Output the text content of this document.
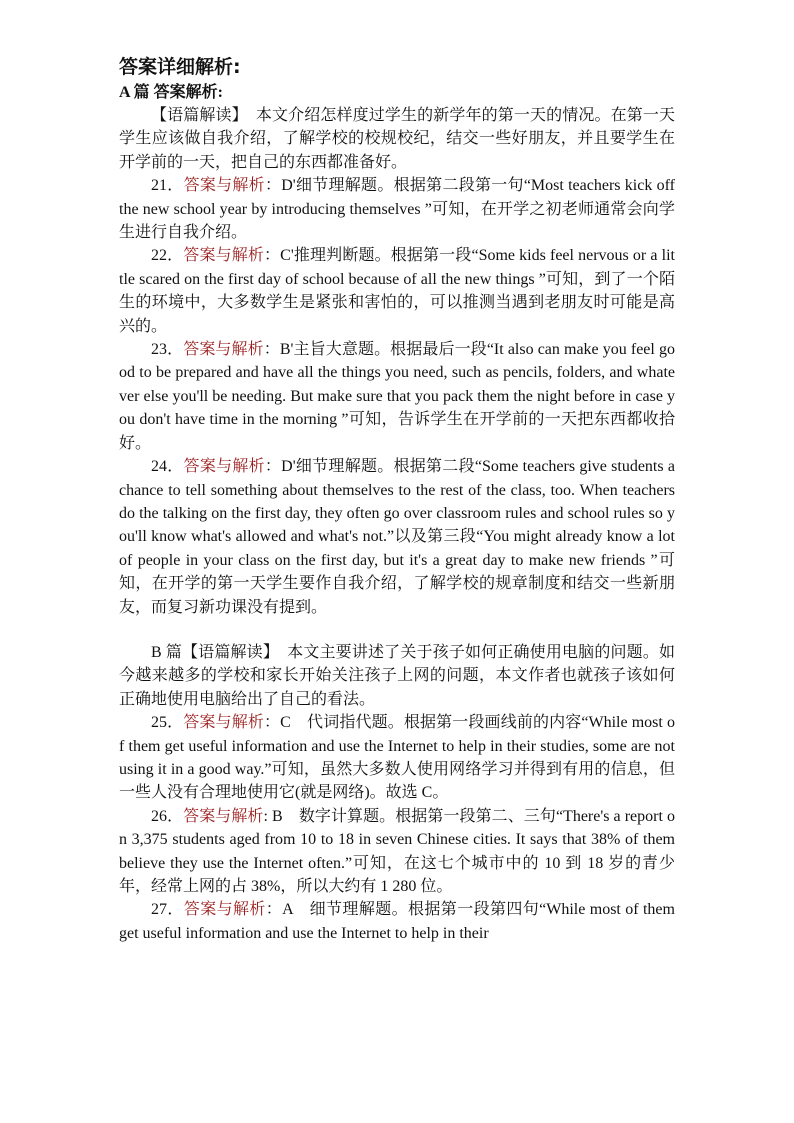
答案详细解析:

A 篇 答案解析:

【语篇解读】　本文介绍怎样度过学生的新学年的第一天的情况。在第一天学生应该做自我介绍，了解学校的校规校纪，结交一些好朋友，并且要学生在开学前的一天，把自己的东西都准备好。

21．答案与解析：D'细节理解题。根据第二段第一句“Most teachers kick off the new school year by introducing themselves ”可知，在开学之初老师通常会向学生进行自我介绍。

22．答案与解析：C'推理判断题。根据第一段“Some kids feel nervous or a little scared on the first day of school because of all the new things ”可知，到了一个陌生的环境中，大多数学生是紧张和害怕的，可以推测当遇到老朋友时可能是高兴的。

23．答案与解析：B'主旨大意题。根据最后一段“It also can make you feel good to be prepared and have all the things you need, such as pencils, folders, and whatever else you'll be needing. But make sure that you pack them the night before in case you don't have time in the morning ”可知，告诉学生在开学前的一天把东西都收拾好。

24．答案与解析：D'细节理解题。根据第二段“Some teachers give students a　chance to tell something about themselves to the rest of the class, too. When teachers do the talking on the first day, they often go over classroom rules and school rules so you'll know what's allowed and what's not.”以及第三段“You might already know a lot of people in your class on the first day, but it's a great day to make new friends ”可知，在开学的第一天学生要作自我介绍，了解学校的规章制度和结交一些新朋友，而复习新功课没有提到。

B 篇【语篇解读】　本文主要讲述了关于孩子如何正确使用电脑的问题。如今越来越多的学校和家长开始关注孩子上网的问题，本文作者也就孩子该如何正确地使用电脑给出了自己的看法。

25．答案与解析：C　代词指代题。根据第一段画线前的内容“While most of them get useful information and use the Internet to help in their studies, some are not using it in a good way.”可知，虽然大多数人使用网络学习并得到有用的信息，但一些人没有合理地使用它(就是网络)。故选 C。

26．答案与解析: B　数字计算题。根据第一段第二、三句“There's a report on 3,375 students aged from 10 to 18 in seven Chinese cities. It says that 38% of them believe they use the Internet often.”可知，在这七个城市中的 10 到 18 岁的青少年，经常上网的占 38%，所以大约有 1 280 位。

27．答案与解析：A　细节理解题。根据第一段第四句“While most of them get useful information and use the Internet to help in their
